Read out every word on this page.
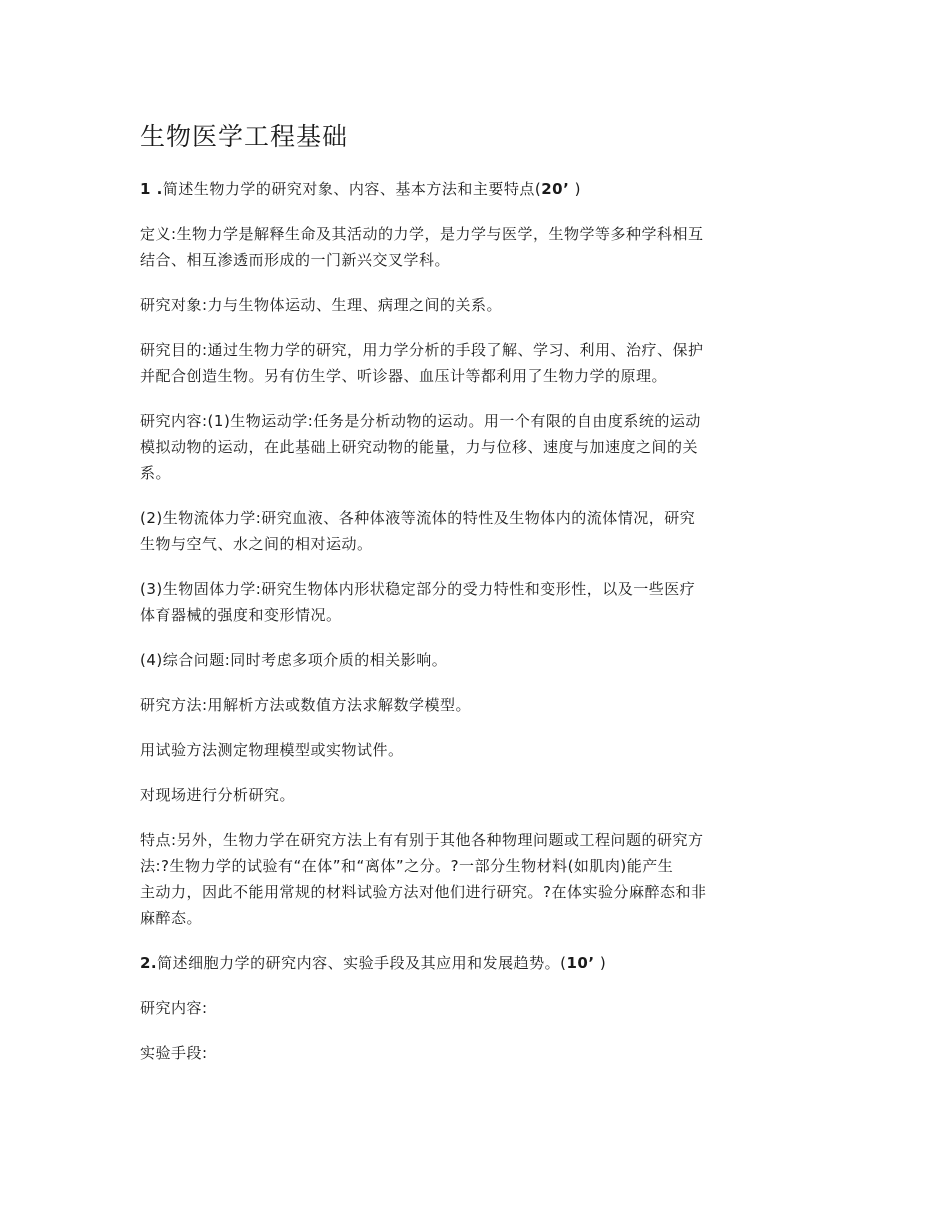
生物医学工程基础
1 .简述生物力学的研究对象、内容、基本方法和主要特点(20’ )

定义:生物力学是解释生命及其活动的力学，是力学与医学，生物学等多种学科相互
结合、相互渗透而形成的一门新兴交叉学科。

研究对象:力与生物体运动、生理、病理之间的关系。

研究目的:通过生物力学的研究，用力学分析的手段了解、学习、利用、治疗、保护
并配合创造生物。另有仿生学、听诊器、血压计等都利用了生物力学的原理。

研究内容:(1)生物运动学:任务是分析动物的运动。用一个有限的自由度系统的运动
模拟动物的运动，在此基础上研究动物的能量，力与位移、速度与加速度之间的关
系。

(2)生物流体力学:研究血液、各种体液等流体的特性及生物体内的流体情况，研究
生物与空气、水之间的相对运动。

(3)生物固体力学:研究生物体内形状稳定部分的受力特性和变形性，以及一些医疗
体育器械的强度和变形情况。

(4)综合问题:同时考虑多项介质的相关影响。

研究方法:用解析方法或数值方法求解数学模型。

用试验方法测定物理模型或实物试件。

对现场进行分析研究。

特点:另外，生物力学在研究方法上有有别于其他各种物理问题或工程问题的研究方
法:?生物力学的试验有“在体”和“离体”之分。?一部分生物材料(如肌肉)能产生
主动力，因此不能用常规的材料试验方法对他们进行研究。?在体实验分麻醉态和非
麻醉态。

2.简述细胞力学的研究内容、实验手段及其应用和发展趋势。(10’ )

研究内容:

实验手段:
